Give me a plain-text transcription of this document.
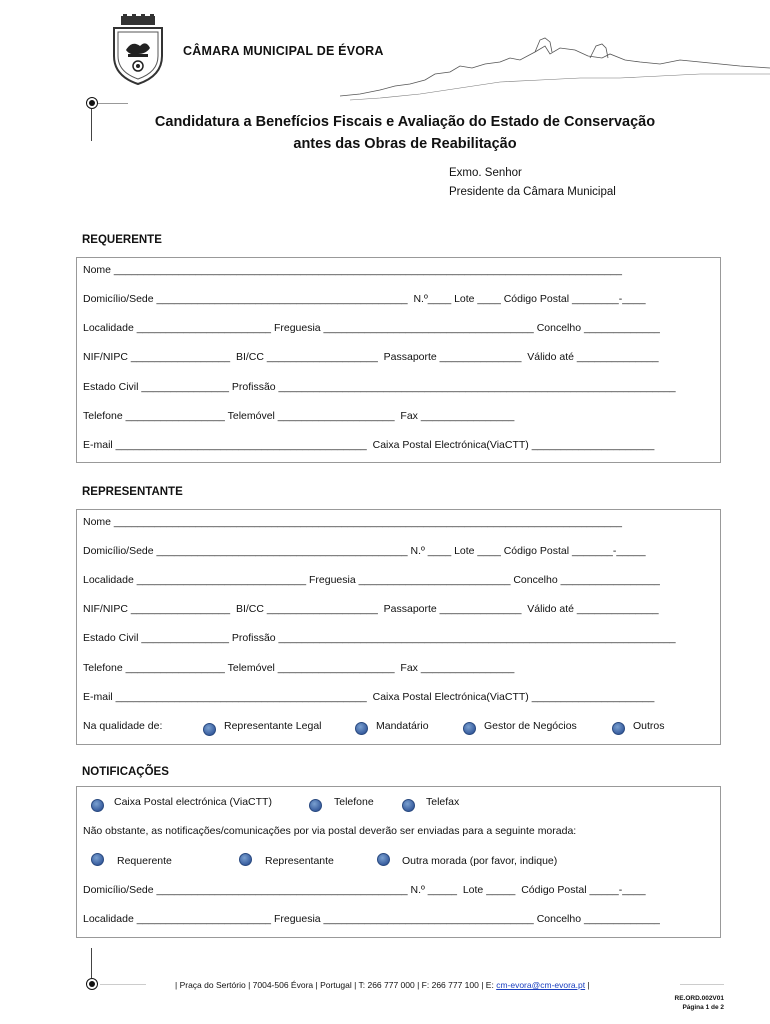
CÂMARA MUNICIPAL DE ÉVORA
Candidatura a Benefícios Fiscais e Avaliação do Estado de Conservação
antes das Obras de Reabilitação
Exmo. Senhor
Presidente da Câmara Municipal
REQUERENTE
Nome _______________________________________________________________________________________
Domicílio/Sede ___________________________________________  N.º____ Lote ____ Código Postal ________-____
Localidade _______________________ Freguesia ____________________________________ Concelho _____________
NIF/NIPC _________________  BI/CC ___________________  Passaporte ______________  Válido até ______________
Estado Civil _______________ Profissão ____________________________________________________________________
Telefone _________________ Telemóvel ____________________  Fax ________________
E-mail ___________________________________________  Caixa Postal Electrónica(ViaCTT) _____________________
REPRESENTANTE
Nome _______________________________________________________________________________________
Domicílio/Sede ___________________________________________ N.º ____ Lote ____ Código Postal _______-_____
Localidade _____________________________ Freguesia __________________________ Concelho _________________
NIF/NIPC _________________  BI/CC ___________________  Passaporte ______________  Válido até ______________
Estado Civil _______________ Profissão ____________________________________________________________________
Telefone _________________ Telemóvel ____________________  Fax ________________
E-mail ___________________________________________  Caixa Postal Electrónica(ViaCTT) _____________________
Na qualidade de:	Representante Legal	Mandatário	Gestor de Negócios	Outros
NOTIFICAÇÕES
Caixa Postal electrónica (ViaCTT)	Telefone	Telefax
Não obstante, as notificações/comunicações por via postal deverão ser enviadas para a seguinte morada:
Requerente	Representante	Outra morada (por favor, indique)
Domicílio/Sede ___________________________________________ N.º _____  Lote _____  Código Postal _____-____
Localidade _______________________ Freguesia ____________________________________ Concelho _____________
| Praça do Sertório | 7004-506 Évora | Portugal | T: 266 777 000 | F: 266 777 100 | E: cm-evora@cm-evora.pt |
RE.ORD.002V01
Página 1 de 2
